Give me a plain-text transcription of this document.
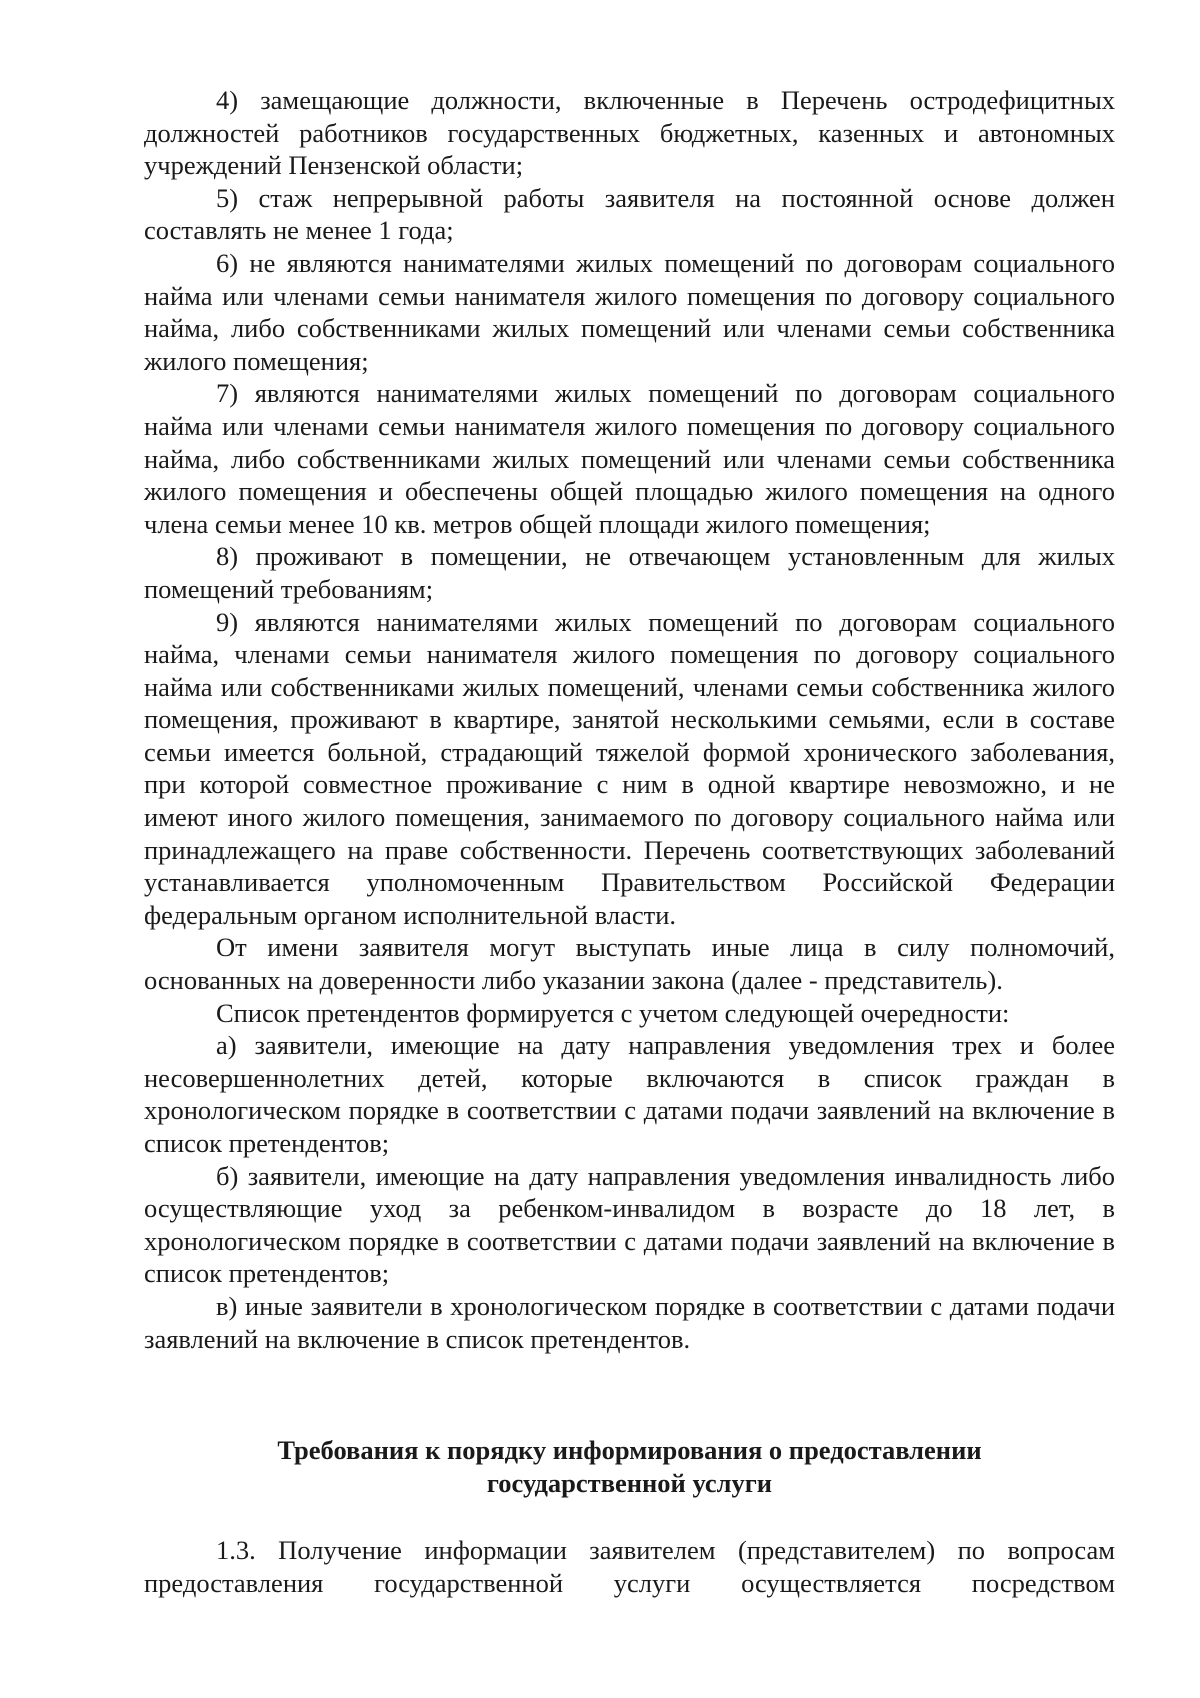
4) замещающие должности, включенные в Перечень остродефицитных должностей работников государственных бюджетных, казенных и автономных учреждений Пензенской области;

5) стаж непрерывной работы заявителя на постоянной основе должен составлять не менее 1 года;

6) не являются нанимателями жилых помещений по договорам социального найма или членами семьи нанимателя жилого помещения по договору социального найма, либо собственниками жилых помещений или членами семьи собственника жилого помещения;

7) являются нанимателями жилых помещений по договорам социального найма или членами семьи нанимателя жилого помещения по договору социального найма, либо собственниками жилых помещений или членами семьи собственника жилого помещения и обеспечены общей площадью жилого помещения на одного члена семьи менее 10 кв. метров общей площади жилого помещения;

8) проживают в помещении, не отвечающем установленным для жилых помещений требованиям;

9) являются нанимателями жилых помещений по договорам социального найма, членами семьи нанимателя жилого помещения по договору социального найма или собственниками жилых помещений, членами семьи собственника жилого помещения, проживают в квартире, занятой несколькими семьями, если в составе семьи имеется больной, страдающий тяжелой формой хронического заболевания, при которой совместное проживание с ним в одной квартире невозможно, и не имеют иного жилого помещения, занимаемого по договору социального найма или принадлежащего на праве собственности. Перечень соответствующих заболеваний устанавливается уполномоченным Правительством Российской Федерации федеральным органом исполнительной власти.

От имени заявителя могут выступать иные лица в силу полномочий, основанных на доверенности либо указании закона (далее - представитель).

Список претендентов формируется с учетом следующей очередности:

а) заявители, имеющие на дату направления уведомления трех и более несовершеннолетних детей, которые включаются в список граждан в хронологическом порядке в соответствии с датами подачи заявлений на включение в список претендентов;

б) заявители, имеющие на дату направления уведомления инвалидность либо осуществляющие уход за ребенком-инвалидом в возрасте до 18 лет, в хронологическом порядке в соответствии с датами подачи заявлений на включение в список претендентов;

в) иные заявители в хронологическом порядке в соответствии с датами подачи заявлений на включение в список претендентов.

Требования к порядку информирования о предоставлении
государственной услуги

1.3. Получение информации заявителем (представителем) по вопросам предоставления государственной услуги осуществляется посредством
